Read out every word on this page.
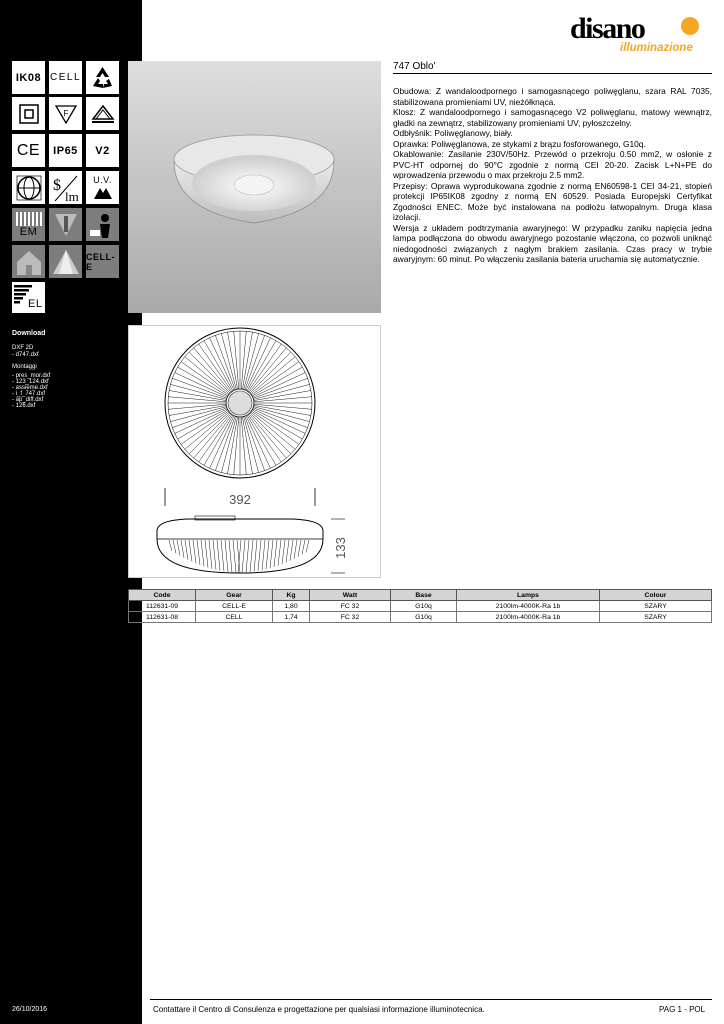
IK08 CELL
F
CE IP65 V2
$
lm
U.V.
EM
CELL-E
EL
Download
DXF 2D
- d747.dxf
Montaggi
- pres_mor.dxf
- 123_124.dxf
- assieme.dxf
- i_f_747.dxf
- ap_diff.dxf
- 126.dxf
26/10/2016
disano
illuminazione
392
133
747 Oblo'

Obudowa: Z wandaloodpornego i samogasnącego poliwęglanu, szara RAL 7035, stabilizowana promieniami UV, nieżółknąca.

Klosz: Z wandaloodpornego i samogasnącego V2 poliwęglanu, matowy wewnątrz, gładki na zewnątrz, stabilizowany promieniami UV, pyłoszczelny.

Odbłyśnik: Poliwęglanowy, biały.

Oprawka: Poliwęglanowa, ze stykami z brązu fosforowanego, G10q.

Okablowanie: Zasilanie 230V/50Hz. Przewód o przekroju 0.50 mm2, w osłonie z PVC-HT odpornej do 90°C zgodnie z normą CEI 20-20. Zacisk L+N+PE do wprowadzenia przewodu o max przekroju 2.5 mm2.

Przepisy: Oprawa wyprodukowana zgodnie z normą EN60598-1 CEI 34-21, stopień protekcji IP65IK08 zgodny z normą EN 60529. Posiada Europejski Certyfikat Zgodności ENEC. Może być instalowana na podłożu łatwopalnym. Druga klasa izolacji.

Wersja z układem podtrzymania awaryjnego: W przypadku zaniku napięcia jedna lampa podłączona do obwodu awaryjnego pozostanie włączona, co pozwoli uniknąć niedogodności związanych z nagłym brakiem zasilania. Czas pracy w trybie awaryjnym: 60 minut. Po włączeniu zasilania bateria uruchamia się automatycznie.

Code	Gear	Kg	Watt	Base	Lamps	Colour
112631-09	CELL-E	1,80	FC 32	G10q	2100lm-4000K-Ra 1b	SZARY
112631-08	CELL	1,74	FC 32	G10q	2100lm-4000K-Ra 1b	SZARY
Contattare il Centro di Consulenza e progettazione per qualsiasi informazione illuminotecnica.	PAG 1 - POL
